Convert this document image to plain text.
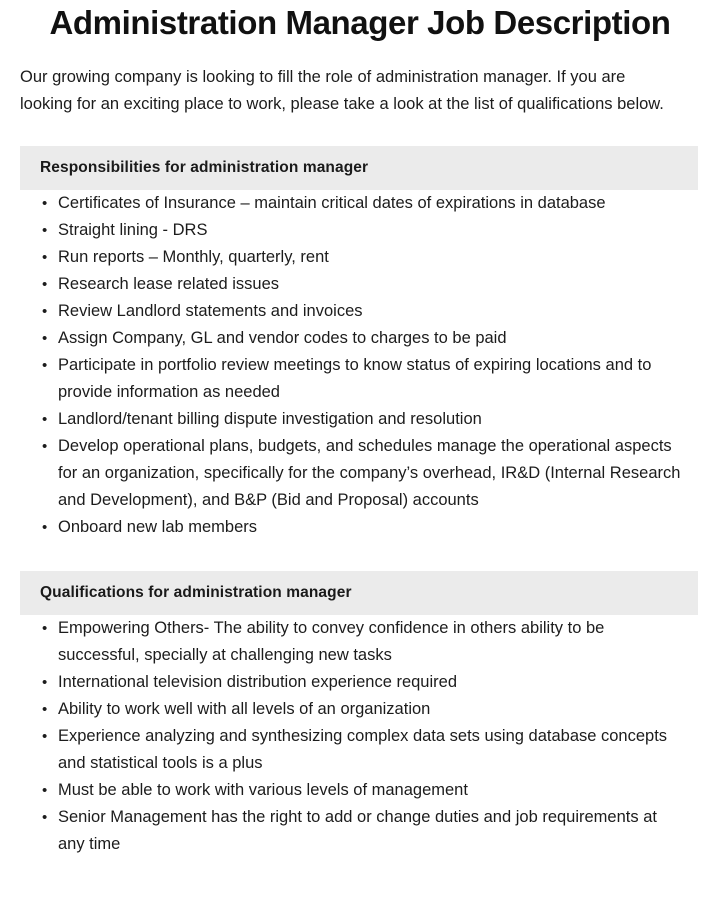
Administration Manager Job Description

Our growing company is looking to fill the role of administration manager. If you are looking for an exciting place to work, please take a look at the list of qualifications below.

Responsibilities for administration manager
• Certificates of Insurance – maintain critical dates of expirations in database
• Straight lining - DRS
• Run reports – Monthly, quarterly, rent
• Research lease related issues
• Review Landlord statements and invoices
• Assign Company, GL and vendor codes to charges to be paid
• Participate in portfolio review meetings to know status of expiring locations and to provide information as needed
• Landlord/tenant billing dispute investigation and resolution
• Develop operational plans, budgets, and schedules manage the operational aspects for an organization, specifically for the company’s overhead, IR&D (Internal Research and Development), and B&P (Bid and Proposal) accounts
• Onboard new lab members
Qualifications for administration manager
• Empowering Others- The ability to convey confidence in others ability to be successful, specially at challenging new tasks
• International television distribution experience required
• Ability to work well with all levels of an organization
• Experience analyzing and synthesizing complex data sets using database concepts and statistical tools is a plus
• Must be able to work with various levels of management
• Senior Management has the right to add or change duties and job requirements at any time
